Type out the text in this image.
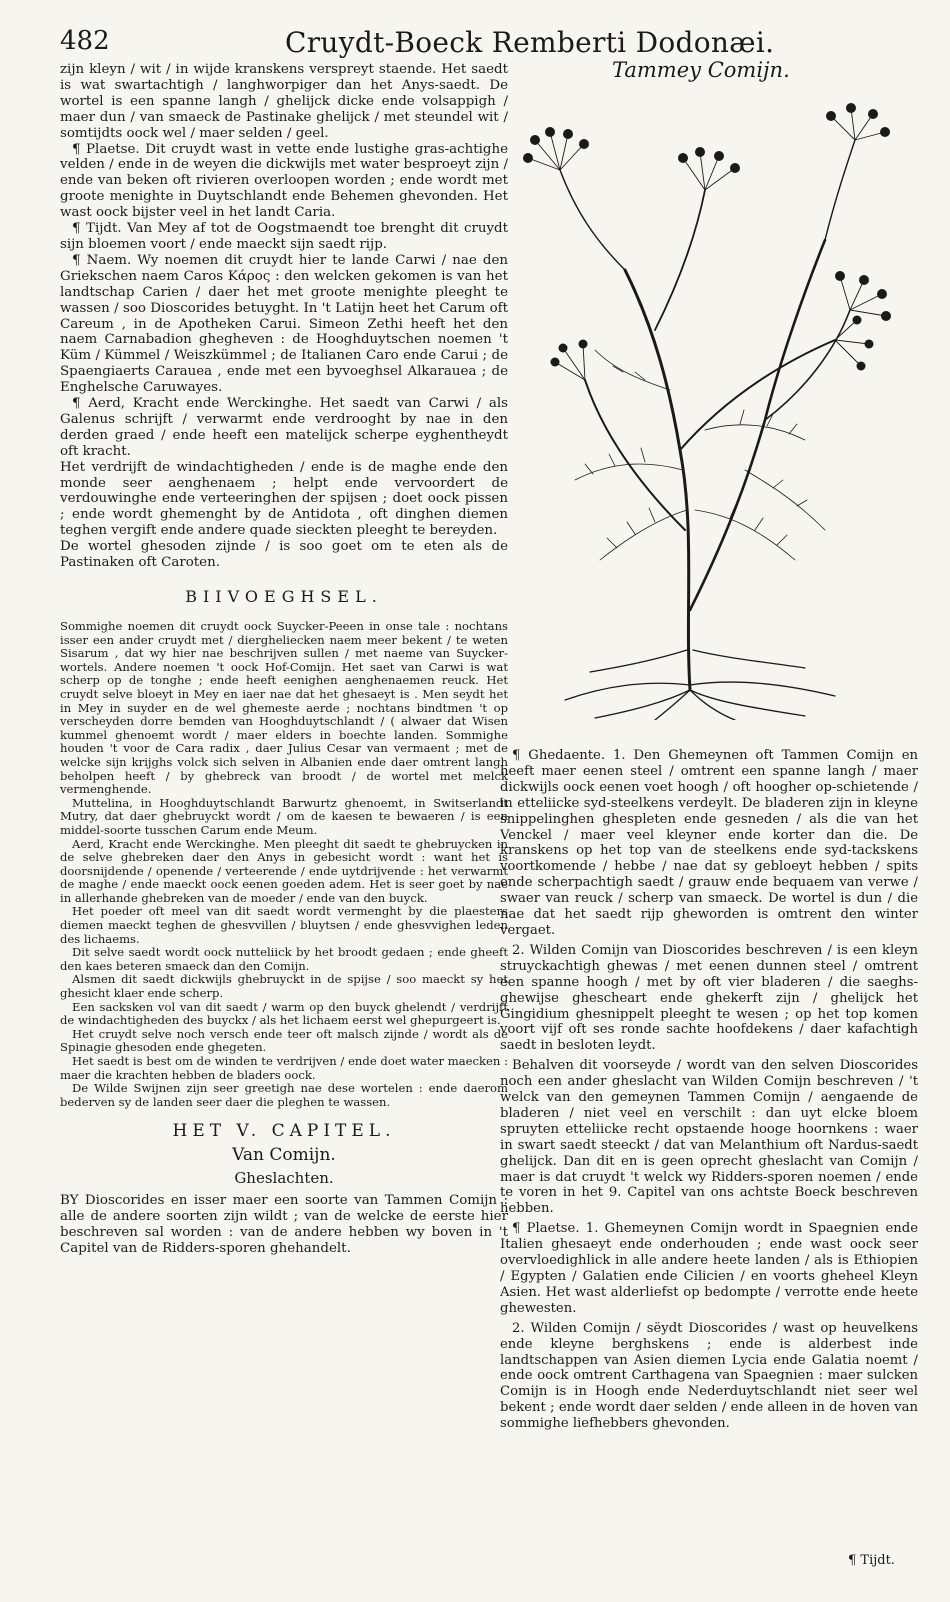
482	Cruydt-Boeck Remberti Dodonæi.

zijn kleyn / wit / in wijde kranskens verspreyt staende. Het saedt is wat swartachtigh / langhworpiger dan het Anys-saedt. De wortel is een spanne langh / ghelijck dicke ende volsappigh / maer dun / van smaeck de Pastinake ghelijck / met steundel wit / somtijdts oock wel / maer selden / geel.

¶ Plaetse. Dit cruydt wast in vette ende lustighe gras-achtighe velden / ende in de weyen die dickwijls met water besproeyt zijn / ende van beken oft rivieren overloopen worden ; ende wordt met groote menighte in Duytschlandt ende Behemen ghevonden. Het wast oock bijster veel in het landt Caria.

¶ Tijdt. Van Mey af tot de Oogstmaendt toe brenght dit cruydt sijn bloemen voort / ende maeckt sijn saedt rijp.

¶ Naem. Wy noemen dit cruydt hier te lande Carwi / nae den Griekschen naem Caros Κάρος : den welcken gekomen is van het landtschap Carien / daer het met groote menighte pleeght te wassen / soo Dioscorides betuyght. In 't Latijn heet het Carum oft Careum , in de Apotheken Carui. Simeon Zethi heeft het den naem Carnabadion ghegheven : de Hooghduytschen noemen 't Küm / Kümmel / Weiszkümmel ; de Italianen Caro ende Carui ; de Spaengiaerts Carauea , ende met een byvoeghsel Alkarauea ; de Enghelsche Caruwayes.

¶ Aerd, Kracht ende Werckinghe. Het saedt van Carwi / als Galenus schrijft / verwarmt ende verdrooght by nae in den derden graed / ende heeft een matelijck scherpe eyghentheydt oft kracht.

Het verdrijft de windachtigheden / ende is de maghe ende den monde seer aenghenaem ; helpt ende vervoordert de verdouwinghe ende verteeringhen der spijsen ; doet oock pissen ; ende wordt ghemenght by de Antidota , oft dinghen diemen teghen vergift ende andere quade sieckten pleeght te bereyden.

De wortel ghesoden zijnde / is soo goet om te eten als de Pastinaken oft Caroten.

BIIVOEGHSEL.

Sommighe noemen dit cruydt oock Suycker-Peeen in onse tale : nochtans isser een ander cruydt met / diergheliecken naem meer bekent / te weten Sisarum , dat wy hier nae beschrijven sullen / met naeme van Suycker-wortels. Andere noemen 't oock Hof-Comijn. Het saet van Carwi is wat scherp op de tonghe ; ende heeft eenighen aenghenaemen reuck. Het cruydt selve bloeyt in Mey en iaer nae dat het ghesaeyt is . Men seydt het in Mey in suyder en de wel ghemeste aerde ; nochtans bindtmen 't op verscheyden dorre bemden van Hooghduytschlandt / ( alwaer dat Wisen kummel ghenoemt wordt / maer elders in boechte landen. Sommighe houden 't voor de Cara radix , daer Julius Cesar van vermaent ; met de welcke sijn krijghs volck sich selven in Albanien ende daer omtrent langh beholpen heeft / by ghebreck van broodt / de wortel met melck vermenghende.

Muttelina, in Hooghduytschlandt Barwurtz ghenoemt, in Switserlandt Mutry, dat daer ghebruyckt wordt / om de kaesen te bewaeren / is een middel-soorte tusschen Carum ende Meum.

Aerd, Kracht ende Werckinghe. Men pleeght dit saedt te ghebruycken in de selve ghebreken daer den Anys in gebesicht wordt : want het is doorsnijdende / openende / verteerende / ende uytdrijvende : het verwarmt de maghe / ende maeckt oock eenen goeden adem. Het is seer goet by nae in allerhande ghebreken van de moeder / ende van den buyck.

Het poeder oft meel van dit saedt wordt vermenght by die plaesters diemen maeckt teghen de ghesvvillen / bluytsen / ende ghesvvighen leden des lichaems.

Dit selve saedt wordt oock nutteliick by het broodt gedaen ; ende gheeft den kaes beteren smaeck dan den Comijn.

Alsmen dit saedt dickwijls ghebruyckt in de spijse / soo maeckt sy het ghesicht klaer ende scherp.

Een sacksken vol van dit saedt / warm op den buyck ghelendt / verdrijft de windachtigheden des buyckx / als het lichaem eerst wel ghepurgeert is.

Het cruydt selve noch versch ende teer oft malsch zijnde / wordt als de Spinagie ghesoden ende ghegeten.

Het saedt is best om de winden te verdrijven / ende doet water maecken : maer die krachten hebben de bladers oock.

De Wilde Swijnen zijn seer greetigh nae dese wortelen : ende daerom bederven sy de landen seer daer die pleghen te wassen.

HET V. CAPITEL.
Van Comijn.
Gheslachten.

BY Dioscorides en isser maer een soorte van Tammen Comijn : alle de andere soorten zijn wildt ; van de welcke de eerste hier beschreven sal worden : van de andere hebben wy boven in 't Capitel van de Ridders-sporen ghehandelt.

Tammey Comijn.

¶ Ghedaente. 1. Den Ghemeynen oft Tammen Comijn en heeft maer eenen steel / omtrent een spanne langh / maer dickwijls oock eenen voet hoogh / oft hoogher op-schietende / in etteliicke syd-steelkens verdeylt. De bladeren zijn in kleyne snippelinghen ghespleten ende gesneden / als die van het Venckel / maer veel kleyner ende korter dan die. De kranskens op het top van de steelkens ende syd-tackskens voortkomende / hebbe / nae dat sy gebloeyt hebben / spits ende scherpachtigh saedt / grauw ende bequaem van verwe / swaer van reuck / scherp van smaeck. De wortel is dun / die nae dat het saedt rijp gheworden is omtrent den winter vergaet.

2. Wilden Comijn van Dioscorides beschreven / is een kleyn struyckachtigh ghewas / met eenen dunnen steel / omtrent een spanne hoogh / met by oft vier bladeren / die saeghs-ghewijse ghescheart ende ghekerft zijn / ghelijck het Gingidium ghesnippelt pleeght te wesen ; op het top komen voort vijf oft ses ronde sachte hoofdekens / daer kafachtigh saedt in besloten leydt.

Behalven dit voorseyde / wordt van den selven Dioscorides noch een ander gheslacht van Wilden Comijn beschreven / 't welck van den gemeynen Tammen Comijn / aengaende de bladeren / niet veel en verschilt : dan uyt elcke bloem spruyten etteliicke recht opstaende hooge hoornkens : waer in swart saedt steeckt / dat van Melanthium oft Nardus-saedt ghelijck. Dan dit en is geen oprecht gheslacht van Comijn / maer is dat cruydt 't welck wy Ridders-sporen noemen / ende te voren in het 9. Capitel van ons achtste Boeck beschreven hebben.

¶ Plaetse. 1. Ghemeynen Comijn wordt in Spaegnien ende Italien ghesaeyt ende onderhouden ; ende wast oock seer overvloedighlick in alle andere heete landen / als is Ethiopien / Egypten / Galatien ende Cilicien / en voorts gheheel Kleyn Asien. Het wast alderliefst op bedompte / verrotte ende heete ghewesten.

2. Wilden Comijn / sëydt Dioscorides / wast op heuvelkens ende kleyne berghskens ; ende is alderbest inde landtschappen van Asien diemen Lycia ende Galatia noemt / ende oock omtrent Carthagena van Spaegnien : maer sulcken Comijn is in Hoogh ende Nederduytschlandt niet seer wel bekent ; ende wordt daer selden / ende alleen in de hoven van sommighe liefhebbers ghevonden.

¶ Tijdt.
